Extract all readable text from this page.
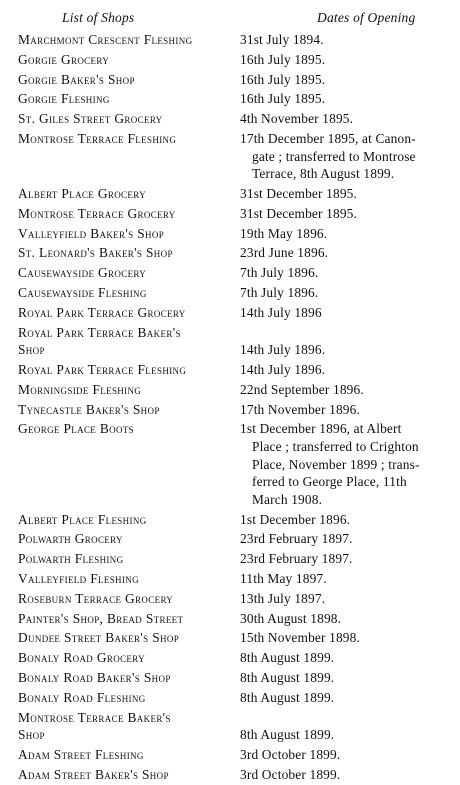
List of Shops	Dates of Opening
Marchmont Crescent Fleshing	31st July 1894.
Gorgie Grocery	16th July 1895.
Gorgie Baker's Shop	16th July 1895.
Gorgie Fleshing	16th July 1895.
St. Giles Street Grocery	4th November 1895.
Montrose Terrace Fleshing	17th December 1895, at Canon-
gate ; transferred to Montrose
Terrace, 8th August 1899.
Albert Place Grocery	31st December 1895.
Montrose Terrace Grocery	31st December 1895.
Valleyfield Baker's Shop	19th May 1896.
St. Leonard's Baker's Shop	23rd June 1896.
Causewayside Grocery	7th July 1896.
Causewayside Fleshing	7th July 1896.
Royal Park Terrace Grocery	14th July 1896
Royal Park Terrace Baker's
Shop	14th July 1896.
Royal Park Terrace Fleshing	14th July 1896.
Morningside Fleshing	22nd September 1896.
Tynecastle Baker's Shop	17th November 1896.
George Place Boots	1st December 1896, at Albert
Place ; transferred to Crighton
Place, November 1899 ; trans-
ferred to George Place, 11th
March 1908.
Albert Place Fleshing	1st December 1896.
Polwarth Grocery	23rd February 1897.
Polwarth Fleshing	23rd February 1897.
Valleyfield Fleshing	11th May 1897.
Roseburn Terrace Grocery	13th July 1897.
Painter's Shop, Bread Street	30th August 1898.
Dundee Street Baker's Shop	15th November 1898.
Bonaly Road Grocery	8th August 1899.
Bonaly Road Baker's Shop	8th August 1899.
Bonaly Road Fleshing	8th August 1899.
Montrose Terrace Baker's
Shop	8th August 1899.
Adam Street Fleshing	3rd October 1899.
Adam Street Baker's Shop	3rd October 1899.
